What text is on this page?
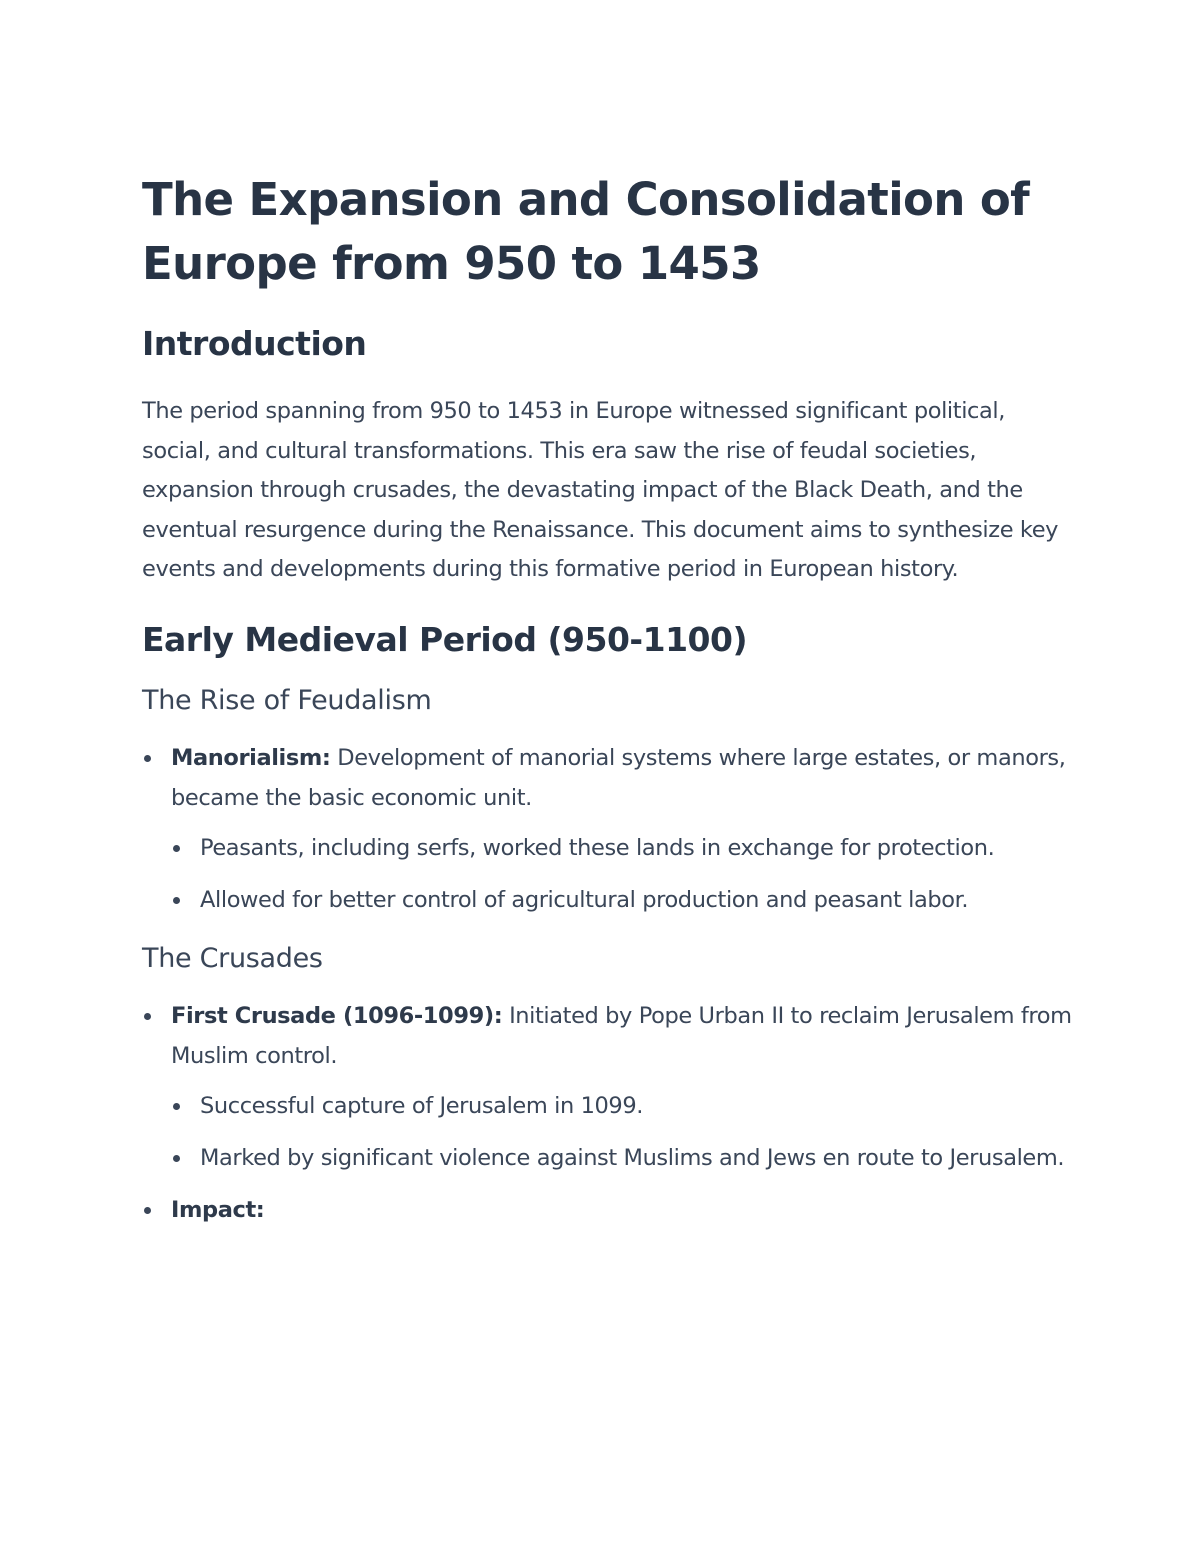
The Expansion and Consolidation of Europe from 950 to 1453
Introduction

The period spanning from 950 to 1453 in Europe witnessed significant political, social, and cultural transformations. This era saw the rise of feudal societies, expansion through crusades, the devastating impact of the Black Death, and the eventual resurgence during the Renaissance. This document aims to synthesize key events and developments during this formative period in European history.

Early Medieval Period (950-1100)
The Rise of Feudalism
Manorialism: Development of manorial systems where large estates, or manors, became the basic economic unit.
Peasants, including serfs, worked these lands in exchange for protection.
Allowed for better control of agricultural production and peasant labor.
The Crusades
First Crusade (1096-1099): Initiated by Pope Urban II to reclaim Jerusalem from Muslim control.
Successful capture of Jerusalem in 1099.
Marked by significant violence against Muslims and Jews en route to Jerusalem.
Impact:
